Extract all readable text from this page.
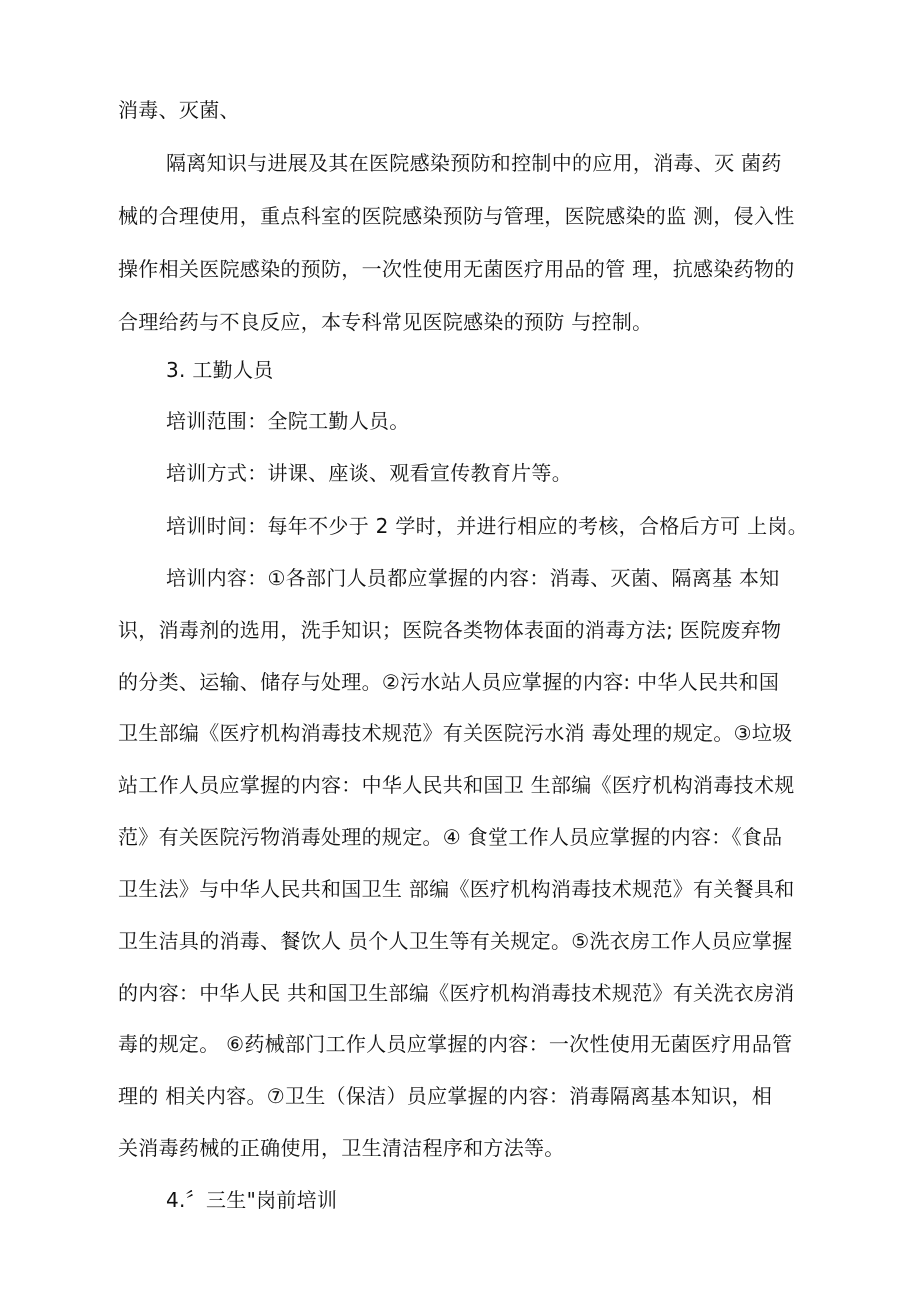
消毒、灭菌、

隔离知识与进展及其在医院感染预防和控制中的应用，消毒、灭 菌药

械的合理使用，重点科室的医院感染预防与管理，医院感染的监 测，侵入性

操作相关医院感染的预防，一次性使用无菌医疗用品的管 理，抗感染药物的

合理给药与不良反应，本专科常见医院感染的预防 与控制。

3. 工勤人员

培训范围：全院工勤人员。

培训方式：讲课、座谈、观看宣传教育片等。

培训时间：每年不少于 2 学时，并进行相应的考核，合格后方可 上岗。

培训内容：①各部门人员都应掌握的内容：消毒、灭菌、隔离基 本知

识，消毒剂的选用，洗手知识；医院各类物体表面的消毒方法; 医院废弃物

的分类、运输、储存与处理。②污水站人员应掌握的内容: 中华人民共和国

卫生部编《医疗机构消毒技术规范》有关医院污水消 毒处理的规定。③垃圾

站工作人员应掌握的内容：中华人民共和国卫 生部编《医疗机构消毒技术规

范》有关医院污物消毒处理的规定。④ 食堂工作人员应掌握的内容：《食品

卫生法》与中华人民共和国卫生 部编《医疗机构消毒技术规范》有关餐具和

卫生洁具的消毒、餐饮人 员个人卫生等有关规定。⑤洗衣房工作人员应掌握

的内容：中华人民 共和国卫生部编《医疗机构消毒技术规范》有关洗衣房消

毒的规定。 ⑥药械部门工作人员应掌握的内容：一次性使用无菌医疗用品管

理的 相关内容。⑦卫生（保洁）员应掌握的内容：消毒隔离基本知识，相

关消毒药械的正确使用，卫生清洁程序和方法等。

4.〞三生"岗前培训
